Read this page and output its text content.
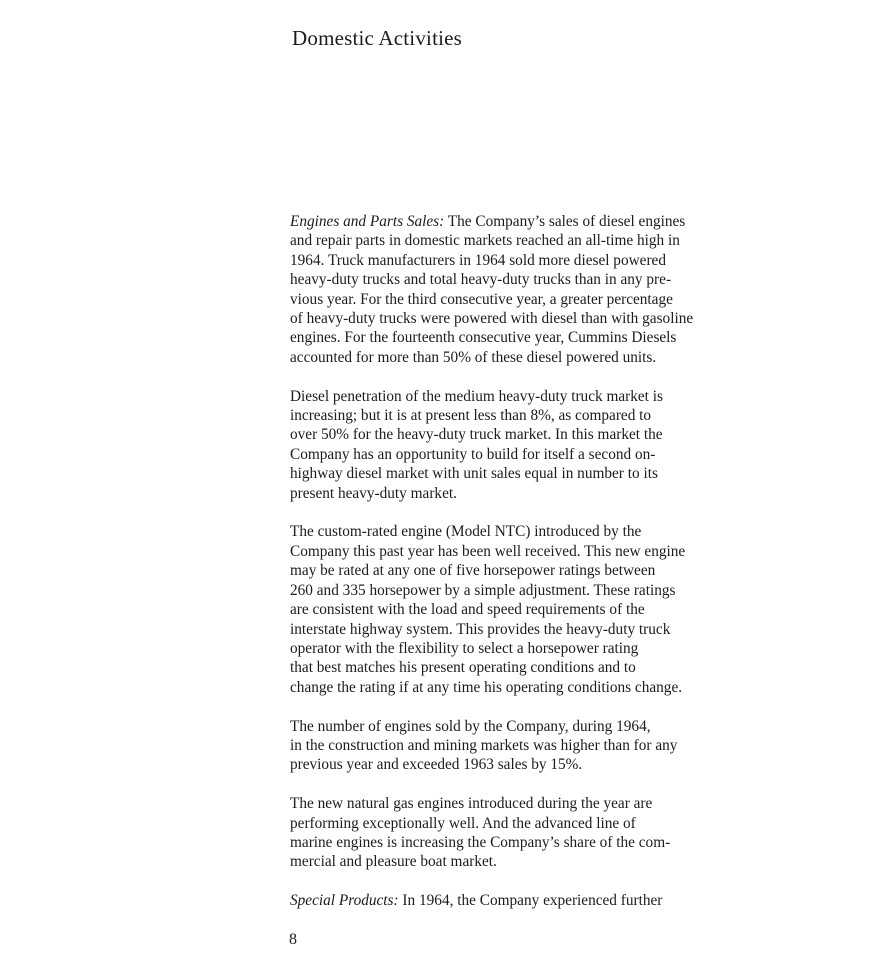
Domestic Activities

Engines and Parts Sales: The Company’s sales of diesel engines
and repair parts in domestic markets reached an all-time high in
1964. Truck manufacturers in 1964 sold more diesel powered
heavy-duty trucks and total heavy-duty trucks than in any pre-
vious year. For the third consecutive year, a greater percentage
of heavy-duty trucks were powered with diesel than with gasoline
engines. For the fourteenth consecutive year, Cummins Diesels
accounted for more than 50% of these diesel powered units.

Diesel penetration of the medium heavy-duty truck market is
increasing; but it is at present less than 8%, as compared to
over 50% for the heavy-duty truck market. In this market the
Company has an opportunity to build for itself a second on-
highway diesel market with unit sales equal in number to its
present heavy-duty market.

The custom-rated engine (Model NTC) introduced by the
Company this past year has been well received. This new engine
may be rated at any one of five horsepower ratings between
260 and 335 horsepower by a simple adjustment. These ratings
are consistent with the load and speed requirements of the
interstate highway system. This provides the heavy-duty truck
operator with the flexibility to select a horsepower rating
that best matches his present operating conditions and to
change the rating if at any time his operating conditions change.

The number of engines sold by the Company, during 1964,
in the construction and mining markets was higher than for any
previous year and exceeded 1963 sales by 15%.

The new natural gas engines introduced during the year are
performing exceptionally well. And the advanced line of
marine engines is increasing the Company’s share of the com-
mercial and pleasure boat market.

Special Products: In 1964, the Company experienced further

8
